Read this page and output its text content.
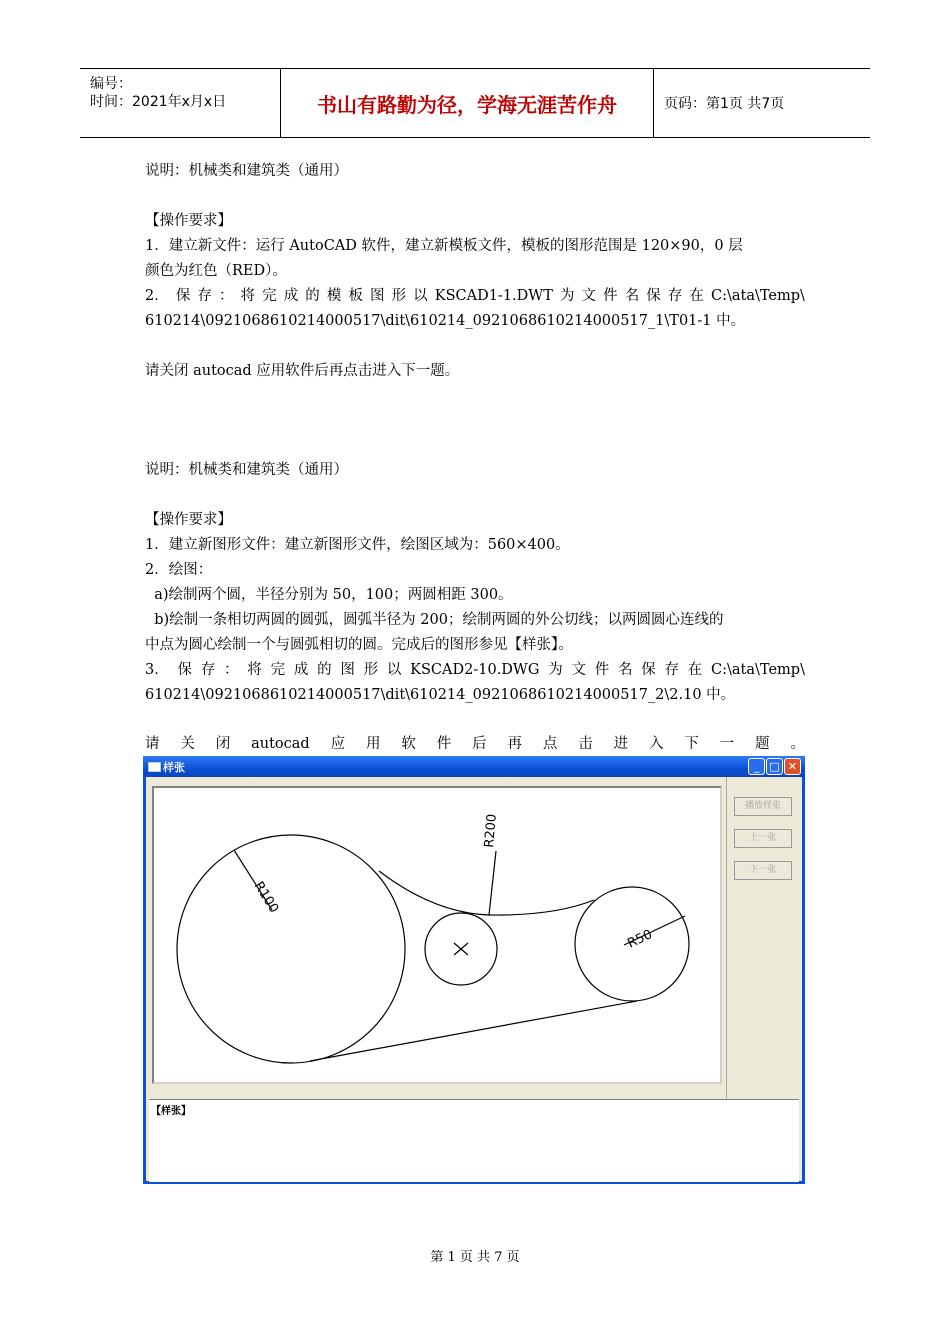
编号：
时间：2021年x月x日	书山有路勤为径，学海无涯苦作舟	页码：第1页 共7页
说明：机械类和建筑类（通用）
【操作要求】
1．建立新文件：运行 AutoCAD 软件，建立新模板文件，模板的图形范围是 120×90，0 层
颜色为红色（RED）。
2． 保 存 ： 将 完 成 的 模 板 图 形 以 KSCAD1-1.DWT 为 文 件 名 保 存 在 C:\ata\Temp\
610214\0921068610214000517\dit\610214_0921068610214000517_1\T01-1 中。
请关闭 autocad 应用软件后再点击进入下一题。
说明：机械类和建筑类（通用）
【操作要求】
1．建立新图形文件：建立新图形文件，绘图区域为：560×400。
2．绘图：
a)绘制两个圆，半径分别为 50，100；两圆相距 300。
b)绘制一条相切两圆的圆弧，圆弧半径为 200；绘制两圆的外公切线；以两圆圆心连线的
中点为圆心绘制一个与圆弧相切的圆。完成后的图形参见【样张】。
3． 保 存 ： 将 完 成 的 图 形 以 KSCAD2-10.DWG 为 文 件 名 保 存 在 C:\ata\Temp\
610214\0921068610214000517\dit\610214_0921068610214000517_2\2.10 中。
请 关 闭 autocad 应 用 软 件 后 再 点 击 进 入 下 一 题 。
样张	_ □ ✕
R100
R200
R50
播放样张
上一张
下一张
【样张】
第 1 页 共 7 页
